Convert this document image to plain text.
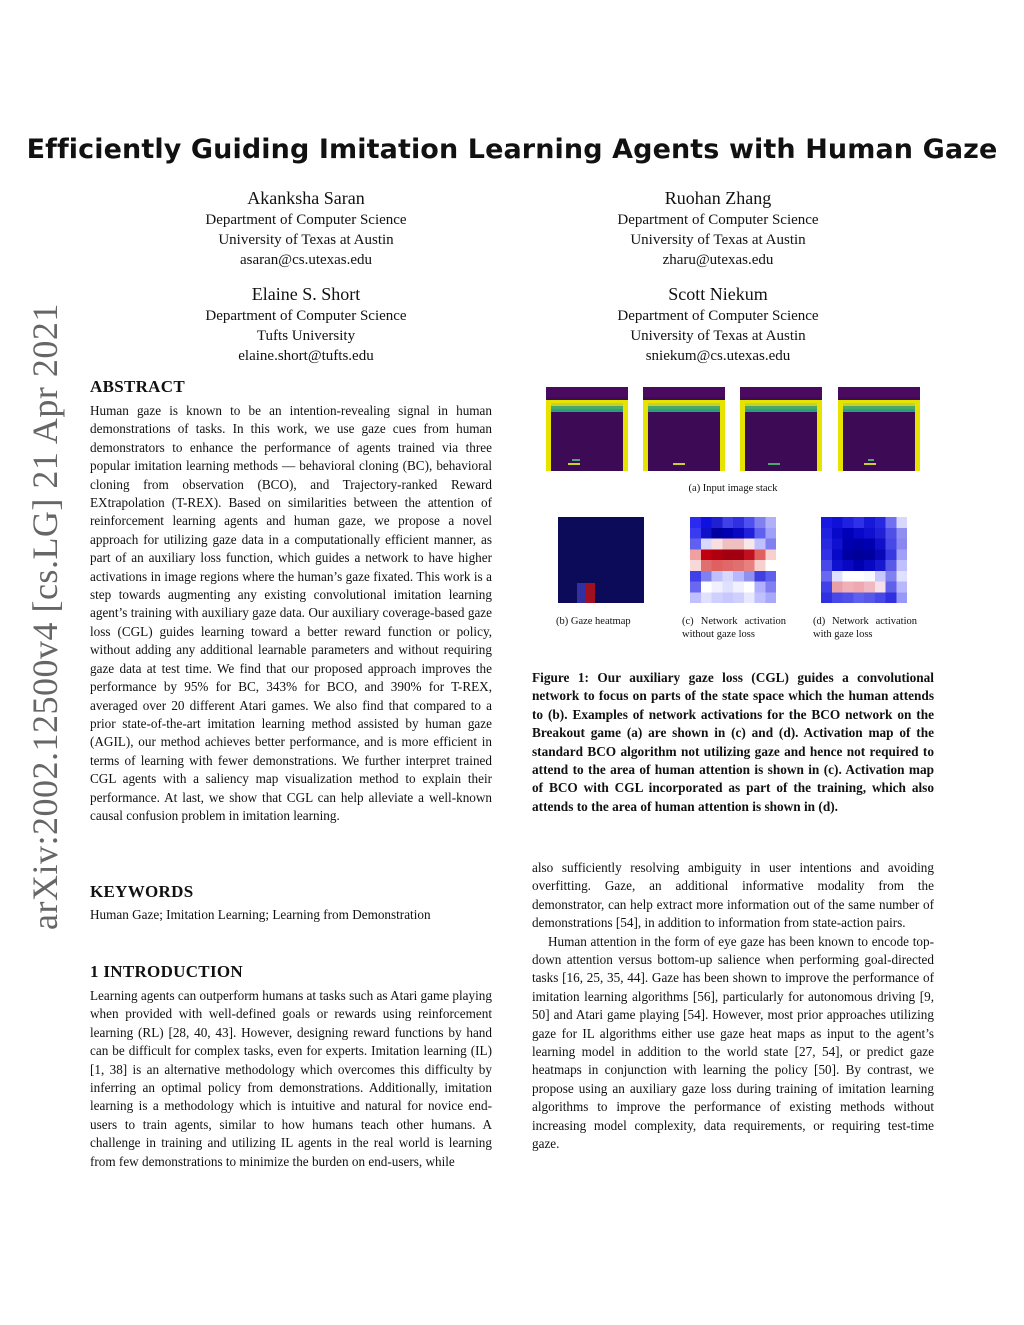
arXiv:2002.12500v4 [cs.LG] 21 Apr 2021
Efficiently Guiding Imitation Learning Agents with Human Gaze
Akanksha Saran
Department of Computer Science
University of Texas at Austin
asaran@cs.utexas.edu
Ruohan Zhang
Department of Computer Science
University of Texas at Austin
zharu@utexas.edu
Elaine S. Short
Department of Computer Science
Tufts University
elaine.short@tufts.edu
Scott Niekum
Department of Computer Science
University of Texas at Austin
sniekum@cs.utexas.edu
ABSTRACT

Human gaze is known to be an intention-revealing signal in human demonstrations of tasks. In this work, we use gaze cues from human demonstrators to enhance the performance of agents trained via three popular imitation learning methods — behavioral cloning (BC), behavioral cloning from observation (BCO), and Trajectory-ranked Reward EXtrapolation (T-REX). Based on similarities between the attention of reinforcement learning agents and human gaze, we propose a novel approach for utilizing gaze data in a computationally efficient manner, as part of an auxiliary loss function, which guides a network to have higher activations in image regions where the human’s gaze fixated. This work is a step towards augmenting any existing convolutional imitation learning agent’s training with auxiliary gaze data. Our auxiliary coverage-based gaze loss (CGL) guides learning toward a better reward function or policy, without adding any additional learnable parameters and without requiring gaze data at test time. We find that our proposed approach improves the performance by 95% for BC, 343% for BCO, and 390% for T-REX, averaged over 20 different Atari games. We also find that compared to a prior state-of-the-art imitation learning method assisted by human gaze (AGIL), our method achieves better performance, and is more efficient in terms of learning with fewer demonstrations. We further interpret trained CGL agents with a saliency map visualization method to explain their performance. At last, we show that CGL can help alleviate a well-known causal confusion problem in imitation learning.

KEYWORDS
Human Gaze; Imitation Learning; Learning from Demonstration
1 INTRODUCTION

Learning agents can outperform humans at tasks such as Atari game playing when provided with well-defined goals or rewards using reinforcement learning (RL) [28, 40, 43]. However, designing reward functions by hand can be difficult for complex tasks, even for experts. Imitation learning (IL) [1, 38] is an alternative methodology which overcomes this difficulty by inferring an optimal policy from demonstrations. Additionally, imitation learning is a methodology which is intuitive and natural for novice end-users to train agents, similar to how humans teach other humans. A challenge in training and utilizing IL agents in the real world is learning from few demonstrations to minimize the burden on end-users, while

(a) Input image stack
(b) Gaze heatmap	(c) Network activation without gaze loss
(d) Network activation with gaze loss
Figure 1: Our auxiliary gaze loss (CGL) guides a convolutional network to focus on parts of the state space which the human attends to (b). Examples of network activations for the BCO network on the Breakout game (a) are shown in (c) and (d). Activation map of the standard BCO algorithm not utilizing gaze and hence not required to attend to the area of human attention is shown in (c). Activation map of BCO with CGL incorporated as part of the training, which also attends to the area of human attention is shown in (d).

also sufficiently resolving ambiguity in user intentions and avoiding overfitting. Gaze, an additional informative modality from the demonstrator, can help extract more information out of the same number of demonstrations [54], in addition to information from state-action pairs.

Human attention in the form of eye gaze has been known to encode top-down attention versus bottom-up salience when performing goal-directed tasks [16, 25, 35, 44]. Gaze has been shown to improve the performance of imitation learning algorithms [56], particularly for autonomous driving [9, 50] and Atari game playing [54]. However, most prior approaches utilizing gaze for IL algorithms either use gaze heat maps as input to the agent’s learning model in addition to the world state [27, 54], or predict gaze heatmaps in conjunction with learning the policy [50]. By contrast, we propose using an auxiliary gaze loss during training of imitation learning algorithms to improve the performance of existing methods without increasing model complexity, data requirements, or requiring test-time gaze.
